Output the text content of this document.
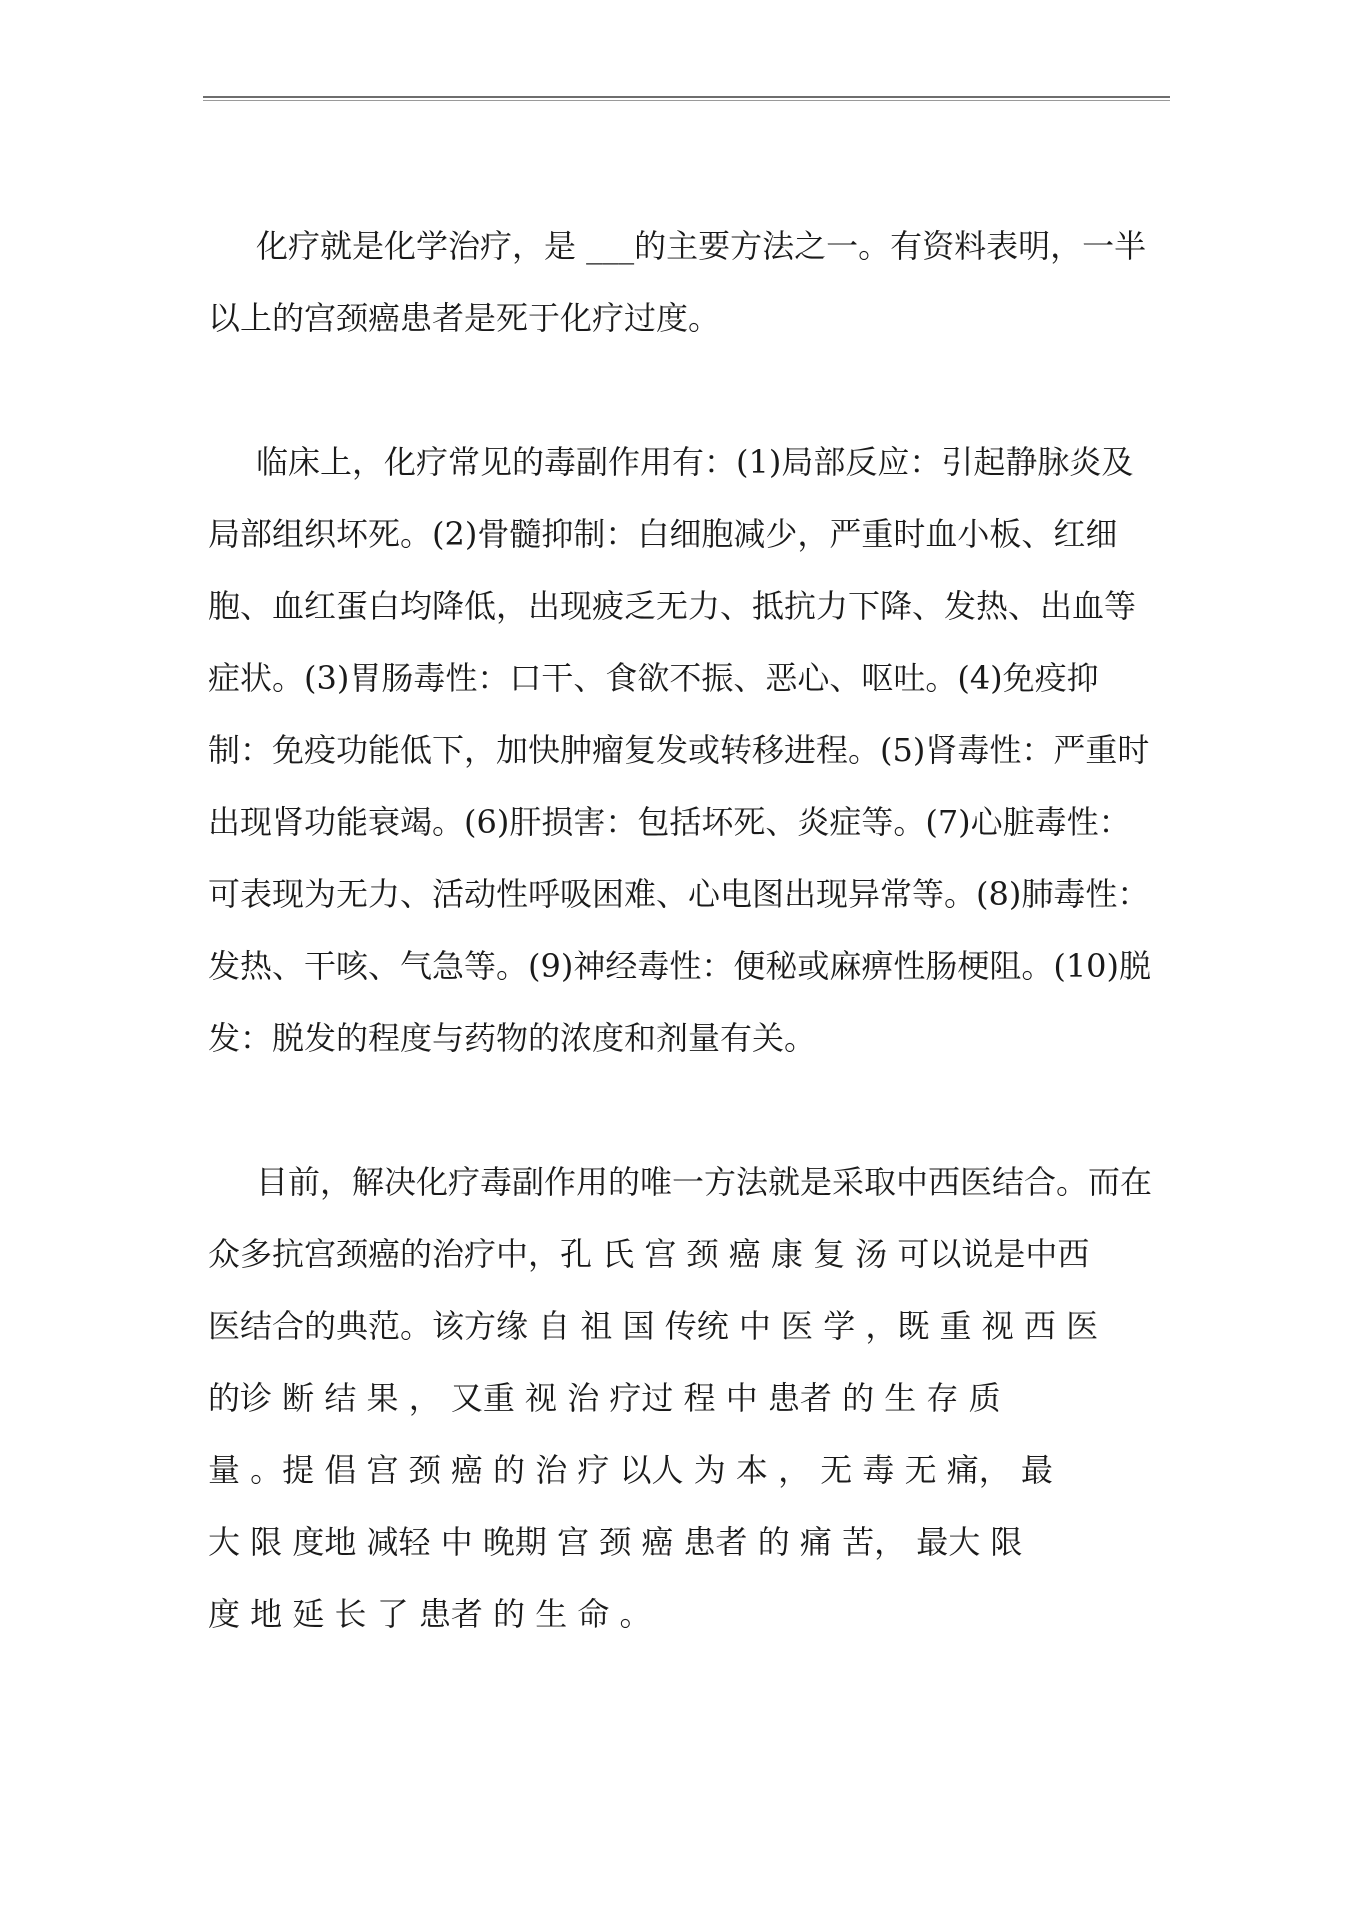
化疗就是化学治疗，是 ___的主要方法之一。有资料表明，一半
以上的宫颈癌患者是死于化疗过度。
临床上，化疗常见的毒副作用有：(1)局部反应：引起静脉炎及
局部组织坏死。(2)骨髓抑制：白细胞减少，严重时血小板、红细
胞、血红蛋白均降低，出现疲乏无力、抵抗力下降、发热、出血等
症状。(3)胃肠毒性：口干、食欲不振、恶心、呕吐。(4)免疫抑
制：免疫功能低下，加快肿瘤复发或转移进程。(5)肾毒性：严重时
出现肾功能衰竭。(6)肝损害：包括坏死、炎症等。(7)心脏毒性：
可表现为无力、活动性呼吸困难、心电图出现异常等。(8)肺毒性：
发热、干咳、气急等。(9)神经毒性：便秘或麻痹性肠梗阻。(10)脱
发：脱发的程度与药物的浓度和剂量有关。
目前，解决化疗毒副作用的唯一方法就是采取中西医结合。而在
众多抗宫颈癌的治疗中，孔 氏 宫 颈 癌 康 复 汤 可以说是中西
医结合的典范。该方缘 自 祖 国 传统 中 医 学 ，既 重 视 西 医
的诊 断 结 果 ， 又重 视 治 疗过 程 中 患者 的 生 存 质
量 。提 倡 宫 颈 癌 的 治 疗 以人 为 本 ， 无 毒 无 痛， 最
大 限 度地 减轻 中 晚期 宫 颈 癌 患者 的 痛 苦， 最大 限
度 地 延 长 了 患者 的 生 命 。
